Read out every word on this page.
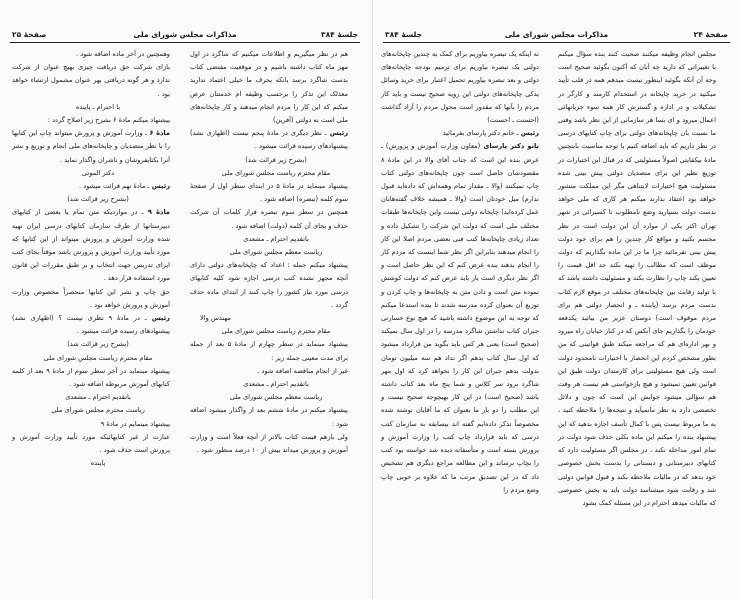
جلسهٔ ۳۸۴
مذاکرات مجلس شورای ملی
صفحهٔ ۲۵

هم در نظر میگیریم و اطلاعات میکنیم که شاگرد در اول مهر ماه کتاب داشته باشیم و در موقعیت مقتضی کتاب بدست شاگرد برسد بانکه بحرف ما خیلی اعتماد ندارید معذلک این تذکر را برحسب وظیفه ام خدمتتان عرض میکنم که این کار را مردم انجام میدهند و کار چاپخانه‌های ملی است نه دولتی (آفرین)

رئیس ـ نظر دیگری در مادهٔ پنجم نیست (اظهاری نشد) پیشنهادهای رسیده قرائت میشود .

(بشرح زیر قرائت شد)

مقام محترم ریاست مجلس شورای ملی

پیشنهاد مینماید در مادهٔ ۵ در ابتدای سطر اول از صفحهٔ سوم کلمه (تبصره) اضافه شود .

همچنین در سطر سوم تبصره فراز کلمات آن شرکت حذف و بجای آن کلمه (دولت) اضافه شود .

باتقدیم احترام ـ مشعدی

ریاست معظم مجلس شورای ملی

پیشنهاد میکنم جمله : اعداد که چاپخانه‌های دولتی دارای آنچه مجهز نشده کتب درسی اجازه شود کلیه کتابهای درسی مورد نیاز کشور را چاپ کنند از ابتدای ماده حذف گردد .

مهندس والا

مقام محترم ریاست مجلس شورای ملی

پیشنهاد مینماید در سطر چهارم از مادهٔ ۵ بعد از جمله برای مدت معینی جمله زیر :

غیر از انجام مناقصه اضافه شود .

باتقدیم احترام ـ مشعدی

ریاست معظم مجلس شورای ملی

پیشنهاد میکنم در مادهٔ ششم بعد از واگذار میشود اضافه شود :

ولی بازهم قیمت کتاب بالاتر از آنچه فعلاً است و وزارت آموزش و پرورش میداند بیش از ۱۰ درصد منظور شود .

وهمچنین در آخر ماده اضافه شود .

بازای شرکت حق دریافت چیزی بهیچ عنوان از شرکت ندارد و هر گونه دریافتی بهر عنوان مشمول ارتشاء خواهد بود .

با احترام ـ پاینده

پیشنهاد میکنم مادهٔ ۶ بشرح زیر اصلاح گردد :

مادهٔ ۶ ـ وزارت آموزش و پرورش میتواند چاپ این کتابها را با نظر متصدیان و چاپخانه‌های ملی انجام و توزیع و نشر آنرا بکتابفروشان و ناشران واگذار نماید .

دکتر الموتی

رئیس ـ مادهٔ نهم قرائت میشود .

(بشرح زیر قرائت شد)

مادهٔ ۹ ـ در مواردیکه متن تمام یا بعضی از کتابهای دبیرستانها از طرف سازمان کتابهای درسی ایران تهیه شده وزارت آموزش و پرورش میتواند از این کتابها که مورد تأیید وزارت آموزش و پرورش باشد موقتاً بجای کتب ابرای تدریس جهت انتخاب و بر طبق مقررات این قانون مورد استفاده قرار دهد .

حق چاپ و نشر این کتابها منحصراً مخصوص وزارت آموزش و پرورش خواهد بود .

رئیس ـ در مادهٔ ۹ نظری نیست ؟ (اظهاری نشد) پیشنهادهای رسیده قرائت میشود .

(بشرح زیر قرائت شد)

مقام محترم ریاست مجلس شورای ملی

پیشنهاد مینماید در آخر سطر سوم از مادهٔ ۹ بعد از کلمه کتابهای آموزش مربوطه اضافه شود .

باتقدیم احترام ـ مشعدی

ریاست محترم مجلس شورای ملی

پیشنهاد مینمایم در مادهٔ ۹

عبارت از غیر کتابهائیکه مورد تأیید وزارت آموزش و پرورش است حذف شود .

پاینده

صفحهٔ ۲۴
مذاکرات مجلس شورای ملی
جلسهٔ ۳۸۴

مجلس انجام وظیفه میکنند صحبت کنند بنده سؤال میکنم با تغییراتی که دارید چه آنان که آکنون بگوئید صحیح است وجه آن آنکه بگوئید اینطور نیست میدهم همه در قلب تأیید میکنید در خرید چاپخانه در استخدام کارمند و کارگر در تشکیلات و در اداره و گسترش کار همه سوء جریانهائی اعمال میرود و ای بسا هر سازمانی از این نظر باشد وقتی ما نسبت بان چاپخانه‌های دولتی برای چاپ کتابهای درسی در نظر داریم که باید اضافه کنیم با توجه مناسبت باینچنین مادهٔ بیکفایتی اصولاً مسئولیتی که در قبال این اختیارات در توزیع نظیر این برای متصدیان دولتی پیش بینی شده مسئولیت هیچ اختیارات لایتناهی مگر این مملکت منشور خواهد بود اعتقاد ندارند میکنم هر کاری که ملی خواهد بدست دولت بسپارید وضع نامطلوب نا کسیرائی در شهر تهران اکثر یکی از موارد آن این دولت است در نظر مجسم بکنید و مواقع کار چندین را هم برای خود دولت پیش بینی نفرمائید چرا ما در این ماده بگذاریم که دولت موظف است که مطالب را تهیه بکند حد اقل قیمت را تعیین بکند چاپ را نظارت بکند و مسئولیت داشته باشد که با تولید رقابت بین چاپخانه‌های مختلف در موقع لازم کتاب بدست مردم برسد (پاینده ـ و انحصار دولتی هم برای مردم موقوف است) دوستان عزیز من بیائید یکدفعه خودمان را بگذاریم جای آنکس که در کنار خیابان راه میرود و بهر اداره‌ای هم که مراجعه میکند طبق قوانینی که من بطور مشخص کردم این انحصار با اختیارات نامحدود دولت است ولی هیچ مسئولیتی برای کارمندان دولت طبق این قوانین تعیین نمیشود و هیچ بازخواستی هم نیست هر وقت هم سؤالی میشود جوابش این است که چون و دلائل تخصصی دارد به نظر مانمیآید و نتیجه‌ها را ملاحظه کنید ، به ما مربوط نیست پس با کمال تأسف اجازه بدهید که این پیشنهاد بنده را میکنم این ماده بکلی حذف شود دولت در تمام امور مداخله نکند ، در مجلس اگر مسئولیت دارد که کتابهای دبیرستانی و دبستانی را بدست بخش خصوصی خود بدهد که در مالیات ملاحظه بکند و قبول قوانین دولتی شد و رقابت شود میشناسد دولت باید به بخش خصوصی که مالیات میدهد احترام در این مسئله کمک بشود

نه اینکه یک تبصره بیاوریم برای کمک به چندین چاپخانه‌های دولتی یک تبصره بیاوریم برای ترمیم بودجه چاپخانه‌های دولتی و بعد تبصره بیاوریم تحمیل اعتبار برای خرید وسائل یدکی چاپخانه‌های دولتی این رویه صحیح نیست و باید کار مردم را بآنها که مقدور است محول مردم را آزاد گذاشت (احسنت ـ احسنت)

رئیس ـ خانم دکتر پارسای بفرمائید

بانو دکتر پارسای (معاون وزارت آموزش و پرورش) ـ عرض بنده این است که جناب آقای والا در این مادهٔ ۸ مقصودشان حاصل است چون چاپخانه‌های دولتی کتاب چاپ نمیکنند (والا ـ مقدار تمام وهمه‌اش که داده‌اید قبول ندارم) میل خودتان است (والا ـ همیشه خلاف گفته‌هاتان عمل کرده‌اید) چاپخانه دولتی نیست واین چاپخانه‌ها طبقات مختلف ملی است که دولت این شرکت را تشکیل داده و تعداد زیادی چاپخانه‌ها کتب فنی بعضی مردم اصلا این کار را انجام میدهند بنابراین اگر نظر شما اینست که مردم کار را انجام بدهند بنده عرض کنم که این نظر حاصل است و اگر نظر دیگری است باز باید عرض کنم که دولت کوشش نموده متن است و دادن متن به چاپخانه‌ها و چاپ کردن و توزیع آن بعنوان کرده مدرسه شدند تا بنده استدعا میکنم که توجه به این موضوع داشته باشید که هیچ نوع خسارتی جبران کتاب نداشتن شاگرد مدرسه را در اول سال نمیکند (صحیح است) یعنی هر کس باید بگوید من قرارداد میشود که اول سال کتاب بدهم اگر نداد هم سه میلیون تومان بدولت بدهم جبران این کار را نخواهد کرد که اول مهر شاگرد برود سر کلاس و شما پنج ماه بعد کتاب داشته باشد (صحیح است) در این کار بهیچوجه صحیح نیست و این مطلب را دو بار ما بعنوان که ما آقایان نوشته شده مخصوصاً تذکر داده‌ایم گفته اند بیسابقه به سازمان کتب درسی که باید قرارداد چاپ کتب را وزارت آموزش و پرورش بسته است و متأسفانه دیده شد خواسته بود کتب را بچاپ برساند و این مطالعه مراجع دیگری هم تشخیص داد که در این تصدیق مرتب ما که علاوه بر خوبی چاپ وضع مردم را
